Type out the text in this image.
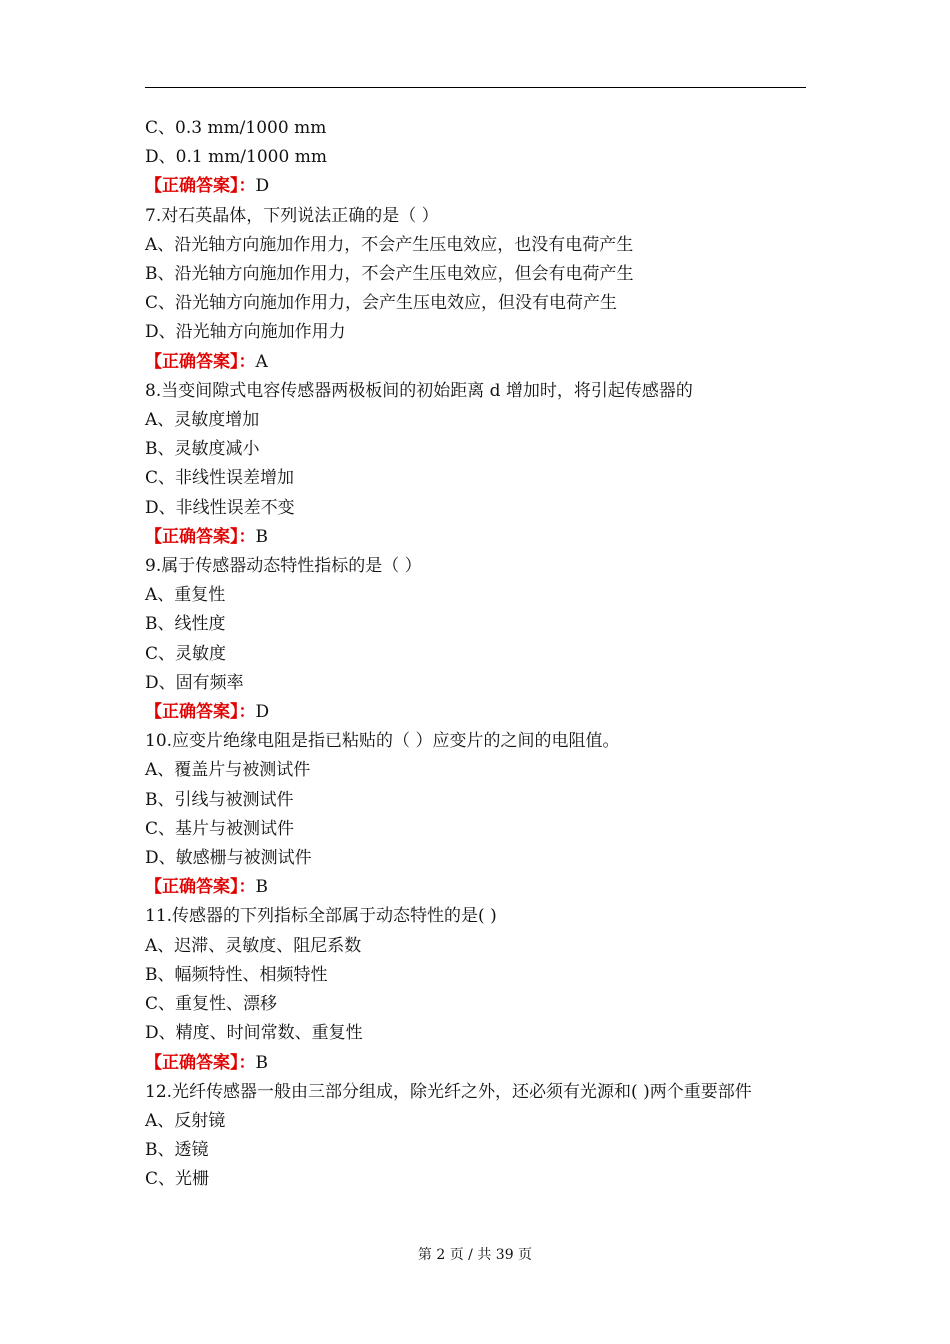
C、0.3 mm/1000 mm
D、0.1 mm/1000 mm
【正确答案】：D
7.对石英晶体，下列说法正确的是（ ）
A、沿光轴方向施加作用力，不会产生压电效应，也没有电荷产生
B、沿光轴方向施加作用力，不会产生压电效应，但会有电荷产生
C、沿光轴方向施加作用力，会产生压电效应，但没有电荷产生
D、沿光轴方向施加作用力
【正确答案】：A
8.当变间隙式电容传感器两极板间的初始距离 d 增加时，将引起传感器的
A、灵敏度增加
B、灵敏度减小
C、非线性误差增加
D、非线性误差不变
【正确答案】：B
9.属于传感器动态特性指标的是（ ）
A、重复性
B、线性度
C、灵敏度
D、固有频率
【正确答案】：D
10.应变片绝缘电阻是指已粘贴的（ ）应变片的之间的电阻值。
A、覆盖片与被测试件
B、引线与被测试件
C、基片与被测试件
D、敏感栅与被测试件
【正确答案】：B
11.传感器的下列指标全部属于动态特性的是( )
A、迟滞、灵敏度、阻尼系数
B、幅频特性、相频特性
C、重复性、漂移
D、精度、时间常数、重复性
【正确答案】：B
12.光纤传感器一般由三部分组成，除光纤之外，还必须有光源和( )两个重要部件
A、反射镜
B、透镜
C、光栅
第 2 页 / 共 39 页
